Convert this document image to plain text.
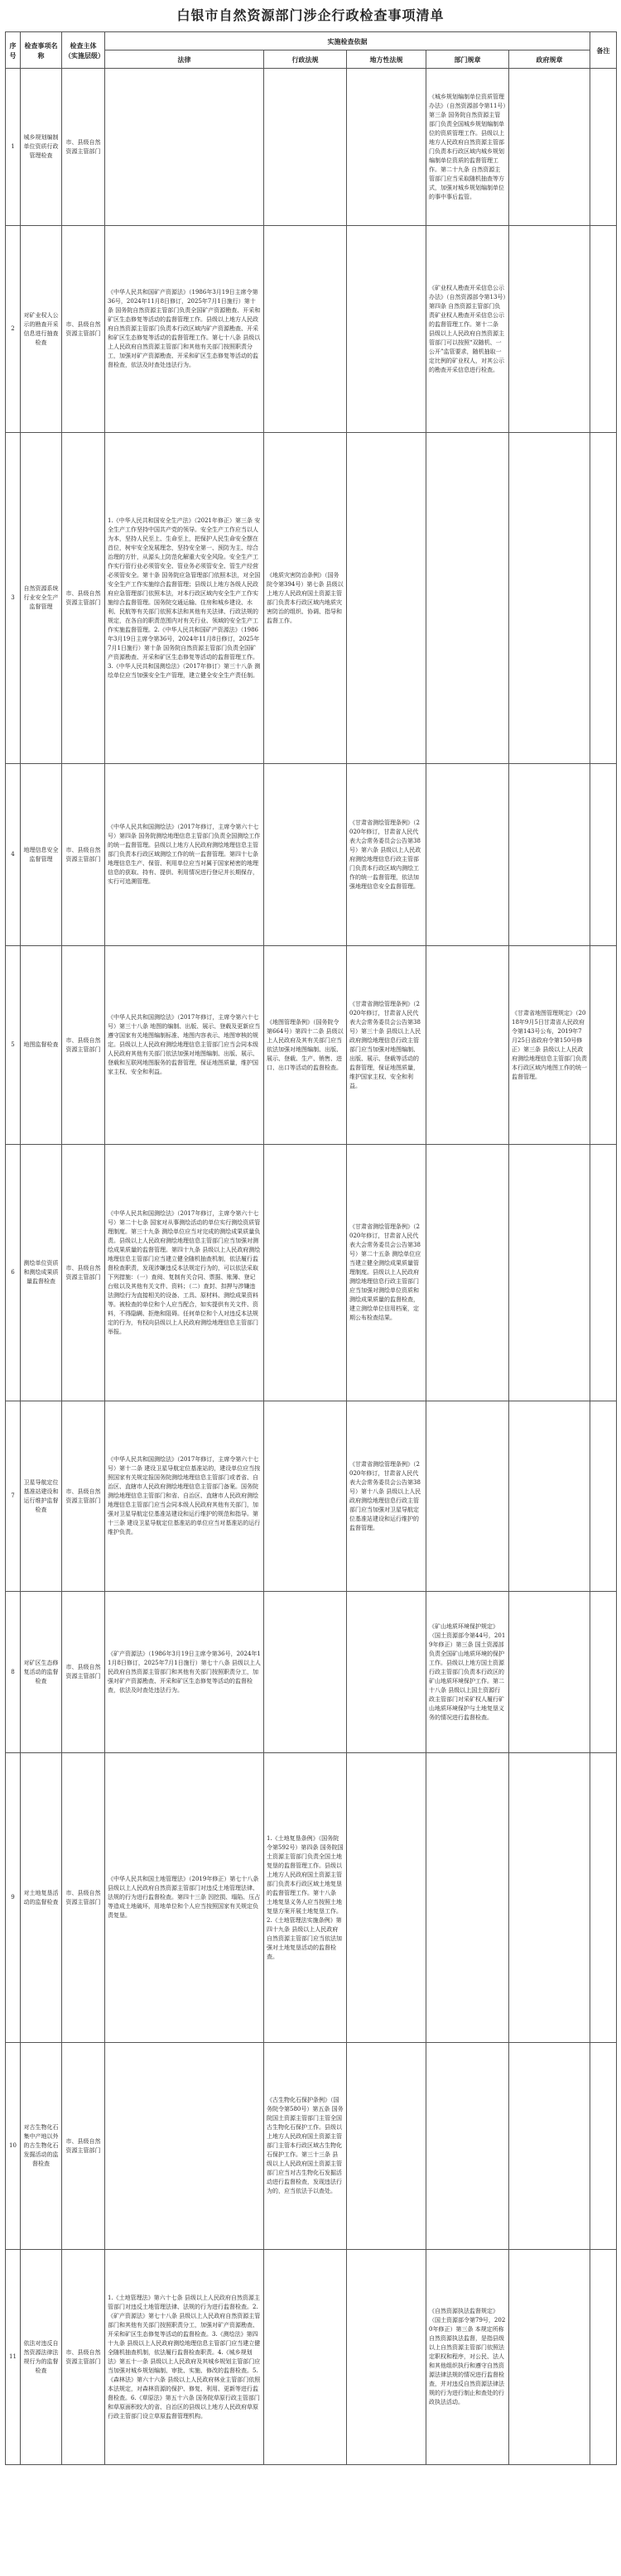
白银市自然资源部门涉企行政检查事项清单
序号	检查事项名称	检查主体（实施层级）	实施检查依据					备注
			法律	行政法规	地方性法规	部门规章	政府规章	
1	城乡规划编制单位资质行政管理检查	市、县级自然资源主管部门				《城乡规划编制单位资质管理办法》（自然资源部令第11号）第三条 国务院自然资源主管部门负责全国城乡规划编制单位的资质管理工作。县级以上地方人民政府自然资源主管部门负责本行政区域内城乡规划编制单位资质的监督管理工作。第二十九条 自然资源主管部门应当采取随机抽查等方式，加强对城乡规划编制单位的事中事后监管。		
2	对矿业权人公示的勘查开采信息进行抽查检查	市、县级自然资源主管部门	《中华人民共和国矿产资源法》（1986年3月19日主席令第36号，2024年11月8日修订，2025年7月1日施行）第十条 国务院自然资源主管部门负责全国矿产资源勘查、开采和矿区生态修复等活动的监督管理工作。县级以上地方人民政府自然资源主管部门负责本行政区域内矿产资源勘查、开采和矿区生态修复等活动的监督管理工作。第七十八条 县级以上人民政府自然资源主管部门和其他有关部门按照职责分工，加强对矿产资源勘查、开采和矿区生态修复等活动的监督检查，依法及时查处违法行为。			《矿业权人勘查开采信息公示办法》（自然资源部令第13号）第四条 自然资源主管部门负责矿业权人勘查开采信息公示的监督管理工作。第十二条 县级以上人民政府自然资源主管部门可以按照“双随机、一公开”监管要求，随机抽取一定比例的矿业权人，对其公示的勘查开采信息进行检查。		
3	自然资源系统行业安全生产监督管理	市、县级自然资源主管部门	1.《中华人民共和国安全生产法》（2021年修正）第三条 安全生产工作坚持中国共产党的领导。安全生产工作应当以人为本，坚持人民至上、生命至上，把保护人民生命安全摆在首位，树牢安全发展理念，坚持安全第一、预防为主、综合治理的方针，从源头上防范化解重大安全风险。安全生产工作实行管行业必须管安全、管业务必须管安全、管生产经营必须管安全。第十条 国务院应急管理部门依照本法，对全国安全生产工作实施综合监督管理；县级以上地方各级人民政府应急管理部门依照本法，对本行政区域内安全生产工作实施综合监督管理。国务院交通运输、住房和城乡建设、水利、民航等有关部门依照本法和其他有关法律、行政法规的规定，在各自的职责范围内对有关行业、领域的安全生产工作实施监督管理。2.《中华人民共和国矿产资源法》（1986年3月19日主席令第36号，2024年11月8日修订，2025年7月1日施行）第十条 国务院自然资源主管部门负责全国矿产资源勘查、开采和矿区生态修复等活动的监督管理工作。3.《中华人民共和国测绘法》（2017年修订）第三十八条 测绘单位应当加强安全生产管理，建立健全安全生产责任制。	《地质灾害防治条例》（国务院令第394号）第七条 县级以上地方人民政府国土资源主管部门负责本行政区域内地质灾害防治的组织、协调、指导和监督工作。				
4	地理信息安全监督管理	市、县级自然资源主管部门	《中华人民共和国测绘法》（2017年修订，主席令第六十七号）第四条 国务院测绘地理信息主管部门负责全国测绘工作的统一监督管理。县级以上地方人民政府测绘地理信息主管部门负责本行政区域测绘工作的统一监督管理。第四十七条 地理信息生产、保管、利用单位应当对属于国家秘密的地理信息的获取、持有、提供、利用情况进行登记并长期保存，实行可追溯管理。		《甘肃省测绘管理条例》（2020年修订，甘肃省人民代表大会常务委员会公告第38号）第六条 县级以上人民政府测绘地理信息行政主管部门负责本行政区域内测绘工作的统一监督管理，依法加强地理信息安全监督管理。			
5	地图监督检查	市、县级自然资源主管部门	《中华人民共和国测绘法》（2017年修订，主席令第六十七号）第三十八条 地图的编制、出版、展示、登载及更新应当遵守国家有关地图编制标准、地图内容表示、地图审核的规定。县级以上人民政府测绘地理信息主管部门应当会同本级人民政府其他有关部门依法加强对地图编制、出版、展示、登载和互联网地图服务的监督管理，保证地图质量，维护国家主权、安全和利益。	《地图管理条例》（国务院令第664号）第四十二条 县级以上人民政府及其有关部门应当依法加强对地图编制、出版、展示、登载、生产、销售、进口、出口等活动的监督检查。	《甘肃省测绘管理条例》（2020年修订，甘肃省人民代表大会常务委员会公告第38号）第三十条 县级以上人民政府测绘地理信息行政主管部门应当加强对地图编制、出版、展示、登载等活动的监督管理，保证地图质量，维护国家主权、安全和利益。		《甘肃省地图管理规定》（2018年9月5日甘肃省人民政府令第143号公布，2019年7月25日省政府令第150号修正）第三条 县级以上人民政府测绘地理信息主管部门负责本行政区域内地图工作的统一监督管理。	
6	测绘单位资质和测绘成果质量监督检查	市、县级自然资源主管部门	《中华人民共和国测绘法》（2017年修订，主席令第六十七号）第二十七条 国家对从事测绘活动的单位实行测绘资质管理制度。第三十九条 测绘单位应当对完成的测绘成果质量负责。县级以上人民政府测绘地理信息主管部门应当加强对测绘成果质量的监督管理。第四十九条 县级以上人民政府测绘地理信息主管部门应当建立健全随机抽查机制，依法履行监督检查职责，发现涉嫌违反本法规定行为的，可以依法采取下列措施：（一）查阅、复制有关合同、票据、账簿、登记台账以及其他有关文件、资料；（二）查封、扣押与涉嫌违法测绘行为直接相关的设备、工具、原材料、测绘成果资料等。被检查的单位和个人应当配合，如实提供有关文件、资料，不得隐瞒、拒绝和阻碍。任何单位和个人对违反本法规定的行为，有权向县级以上人民政府测绘地理信息主管部门举报。		《甘肃省测绘管理条例》（2020年修订，甘肃省人民代表大会常务委员会公告第38号）第二十五条 测绘单位应当建立健全测绘成果质量管理制度。县级以上人民政府测绘地理信息行政主管部门应当加强对测绘单位资质和测绘成果质量的监督检查，建立测绘单位信用档案，定期公布检查结果。			
7	卫星导航定位基准站建设和运行维护监督检查	市、县级自然资源主管部门	《中华人民共和国测绘法》（2017年修订，主席令第六十七号）第十二条 建设卫星导航定位基准站的，建设单位应当按照国家有关规定报国务院测绘地理信息主管部门或者省、自治区、直辖市人民政府测绘地理信息主管部门备案。国务院测绘地理信息主管部门和省、自治区、直辖市人民政府测绘地理信息主管部门应当会同本级人民政府其他有关部门，加强对卫星导航定位基准站建设和运行维护的规范和指导。第十三条 建设卫星导航定位基准站的单位应当对基准站的运行维护负责。		《甘肃省测绘管理条例》（2020年修订，甘肃省人民代表大会常务委员会公告第38号）第十八条 县级以上人民政府测绘地理信息行政主管部门应当加强对卫星导航定位基准站建设和运行维护的监督管理。			
8	对矿区生态修复活动的监督检查	市、县级自然资源主管部门	《矿产资源法》（1986年3月19日主席令第36号，2024年11月8日修订，2025年7月1日施行）第七十八条 县级以上人民政府自然资源主管部门和其他有关部门按照职责分工，加强对矿产资源勘查、开采和矿区生态修复等活动的监督检查，依法及时查处违法行为。			《矿山地质环境保护规定》（国土资源部令第44号，2019年修正）第三条 国土资源部负责全国矿山地质环境的保护工作。县级以上地方国土资源行政主管部门负责本行政区的矿山地质环境保护工作。第二十八条 县级以上国土资源行政主管部门对采矿权人履行矿山地质环境保护与土地复垦义务的情况进行监督检查。		
9	对土地复垦活动的监督检查	市、县级自然资源主管部门	《中华人民共和国土地管理法》（2019年修正）第七十八条 县级以上人民政府自然资源主管部门对违反土地管理法律、法规的行为进行监督检查。第四十三条 因挖损、塌陷、压占等造成土地破坏，用地单位和个人应当按照国家有关规定负责复垦。	1.《土地复垦条例》（国务院令第592号）第四条 国务院国土资源主管部门负责全国土地复垦的监督管理工作。县级以上地方人民政府国土资源主管部门负责本行政区域土地复垦的监督管理工作。第十八条 土地复垦义务人应当按照土地复垦方案开展土地复垦工作。2.《土地管理法实施条例》第四十九条 县级以上人民政府自然资源主管部门应当依法加强对土地复垦活动的监督检查。				
10	对古生物化石集中产地以外的古生物化石发掘活动的监督检查	市、县级自然资源主管部门		《古生物化石保护条例》（国务院令第580号）第五条 国务院国土资源主管部门主管全国古生物化石保护工作。县级以上地方人民政府国土资源主管部门主管本行政区域古生物化石保护工作。第三十三条 县级以上人民政府国土资源主管部门应当对古生物化石发掘活动进行监督检查，发现违法行为的，应当依法予以查处。				
11	依法对违反自然资源法律法规行为的监督检查	市、县级自然资源主管部门	1.《土地管理法》第六十七条 县级以上人民政府自然资源主管部门对违反土地管理法律、法规的行为进行监督检查。2.《矿产资源法》第七十八条 县级以上人民政府自然资源主管部门和其他有关部门按照职责分工，加强对矿产资源勘查、开采和矿区生态修复等活动的监督检查。3.《测绘法》第四十九条 县级以上人民政府测绘地理信息主管部门应当建立健全随机抽查机制，依法履行监督检查职责。4.《城乡规划法》第五十一条 县级以上人民政府及其城乡规划主管部门应当加强对城乡规划编制、审批、实施、修改的监督检查。5.《森林法》第六十六条 县级以上人民政府林业主管部门依照本法规定，对森林资源的保护、修复、利用、更新等进行监督检查。6.《草原法》第五十六条 国务院草原行政主管部门和草原面积较大的省、自治区的县级以上地方人民政府草原行政主管部门设立草原监督管理机构。			《自然资源执法监督规定》（国土资源部令第79号，2020年修正）第三条 本规定所称自然资源执法监督，是指县级以上自然资源主管部门依照法定职权和程序，对公民、法人和其他组织执行和遵守自然资源法律法规的情况进行监督检查，并对违反自然资源法律法规的行为进行制止和查处的行政执法活动。		
